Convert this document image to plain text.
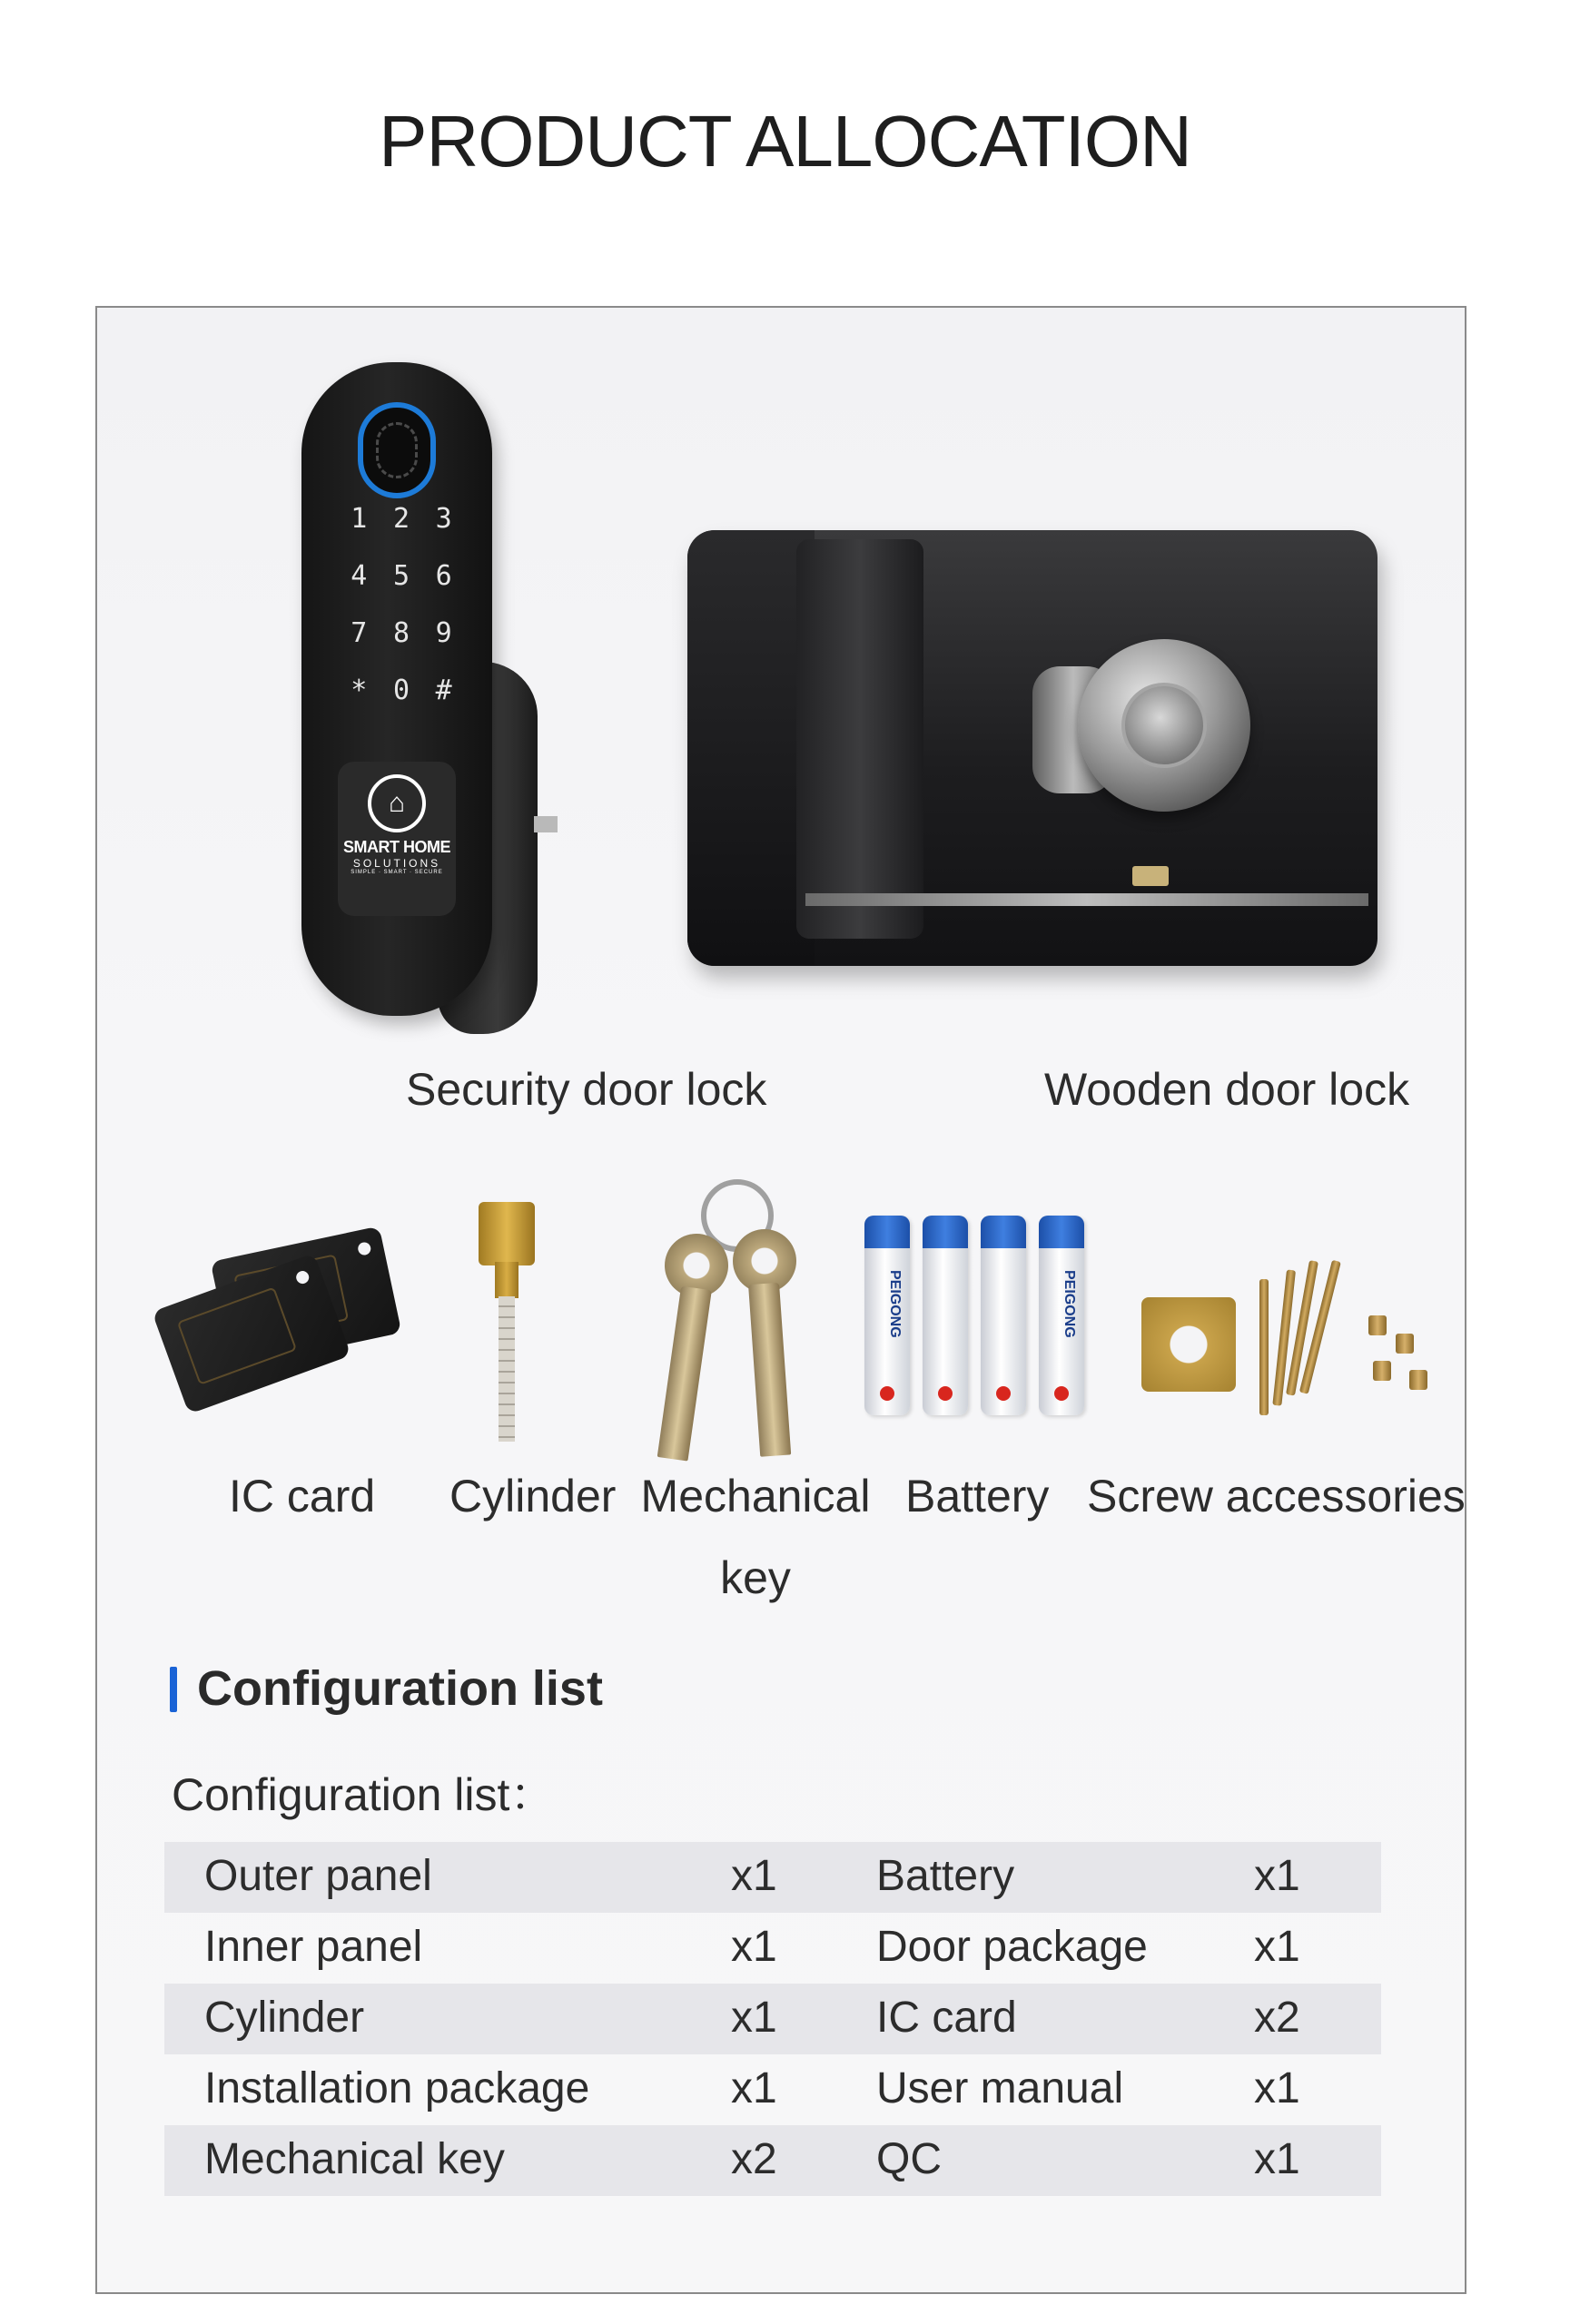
PRODUCT ALLOCATION
1 2 3
4 5 6
7 8 9
* 0 #
⌂
SMART HOME
SOLUTIONS
SIMPLE · SMART · SECURE
Security door lock	Wooden door lock
PEIGONG	PEIGONG
IC card Cylinder Mechanical
key
Battery Screw accessories
Configuration list
Configuration list：
Outer panel	x1 Battery	x1
Inner panel	x1 Door package x1
Cylinder	x1 IC card	x2
Installation package	x1 User manual	x1
Mechanical key	x2 QC	x1
